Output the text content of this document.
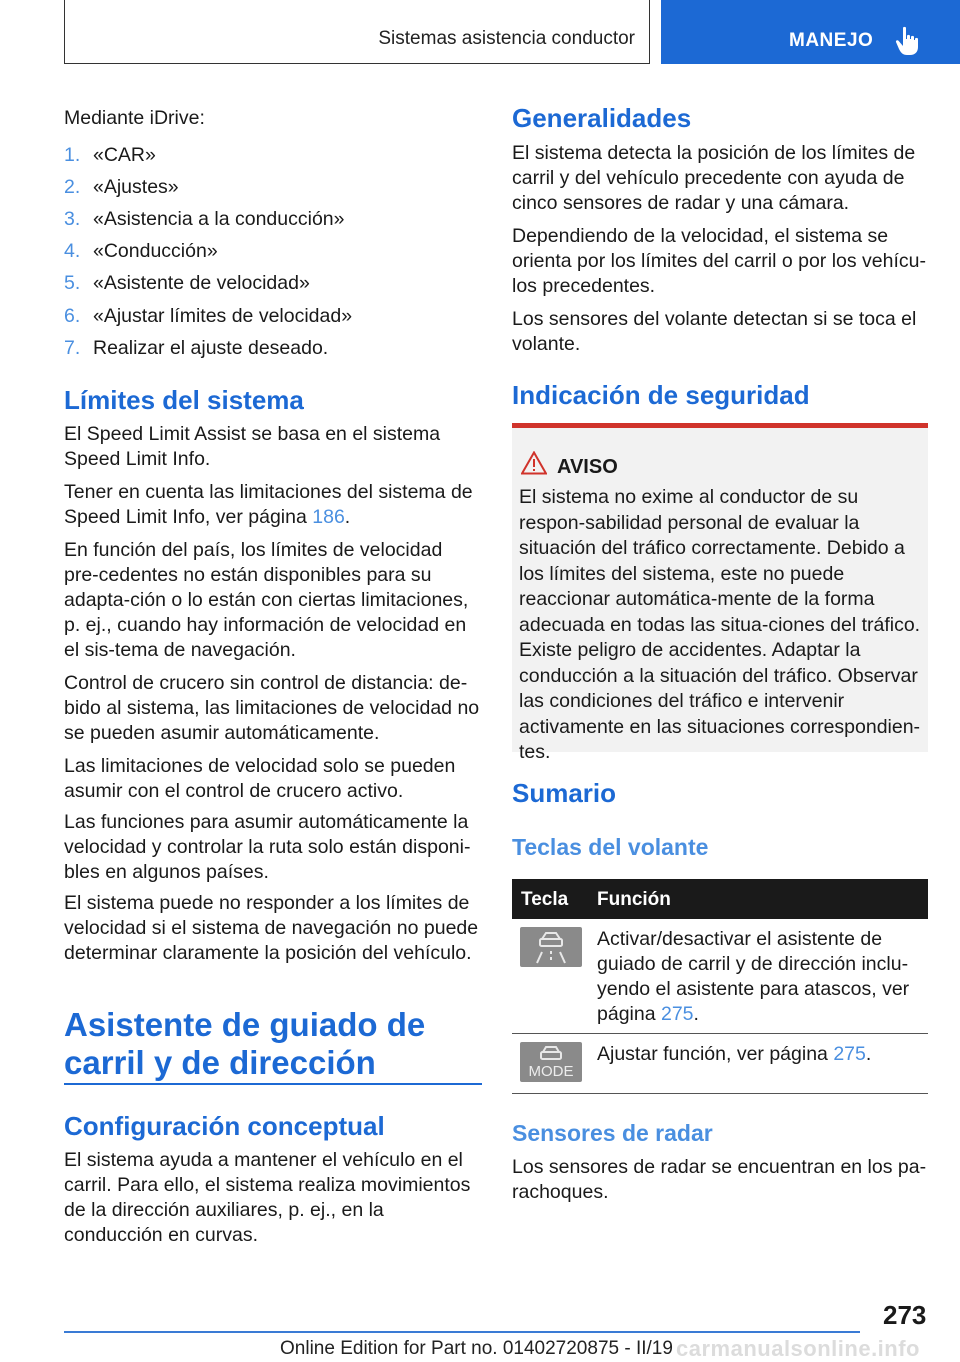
Sistemas asistencia conductor	MANEJO
Mediante iDrive:
1. «CAR»
2. «Ajustes»
3. «Asistencia a la conducción»
4. «Conducción»
5. «Asistente de velocidad»
6. «Ajustar límites de velocidad»
7. Realizar el ajuste deseado.
Límites del sistema
El Speed Limit Assist se basa en el sistema Speed Limit Info.
Tener en cuenta las limitaciones del sistema de Speed Limit Info, ver página 186.
En función del país, los límites de velocidad pre-cedentes no están disponibles para su adapta-ción o lo están con ciertas limitaciones, p. ej., cuando hay información de velocidad en el sis-tema de navegación.
Control de crucero sin control de distancia: de-bido al sistema, las limitaciones de velocidad no se pueden asumir automáticamente.
Las limitaciones de velocidad solo se pueden asumir con el control de crucero activo.
Las funciones para asumir automáticamente la velocidad y controlar la ruta solo están disponi-bles en algunos países.
El sistema puede no responder a los límites de velocidad si el sistema de navegación no puede determinar claramente la posición del vehículo.
Asistente de guiado de
carril y de dirección
Configuración conceptual
El sistema ayuda a mantener el vehículo en el carril. Para ello, el sistema realiza movimientos de la dirección auxiliares, p. ej., en la conducción en curvas.
Generalidades
El sistema detecta la posición de los límites de carril y del vehículo precedente con ayuda de cinco sensores de radar y una cámara.
Dependiendo de la velocidad, el sistema se orienta por los límites del carril o por los vehícu-los precedentes.
Los sensores del volante detectan si se toca el volante.
Indicación de seguridad
AVISO
El sistema no exime al conductor de su respon-sabilidad personal de evaluar la situación del tráfico correctamente. Debido a los límites del sistema, este no puede reaccionar automática-mente de la forma adecuada en todas las situa-ciones del tráfico. Existe peligro de accidentes. Adaptar la conducción a la situación del tráfico. Observar las condiciones del tráfico e intervenir activamente en las situaciones correspondien-tes.
Sumario
Teclas del volante
Tecla Función
Activar/desactivar el asistente de guiado de carril y de dirección inclu-yendo el asistente para atascos, ver página 275.
MODE
Ajustar función, ver página 275.
Sensores de radar
Los sensores de radar se encuentran en los pa-rachoques.
273
Online Edition for Part no. 01402720875 - II/19 carmanualsonline.info
